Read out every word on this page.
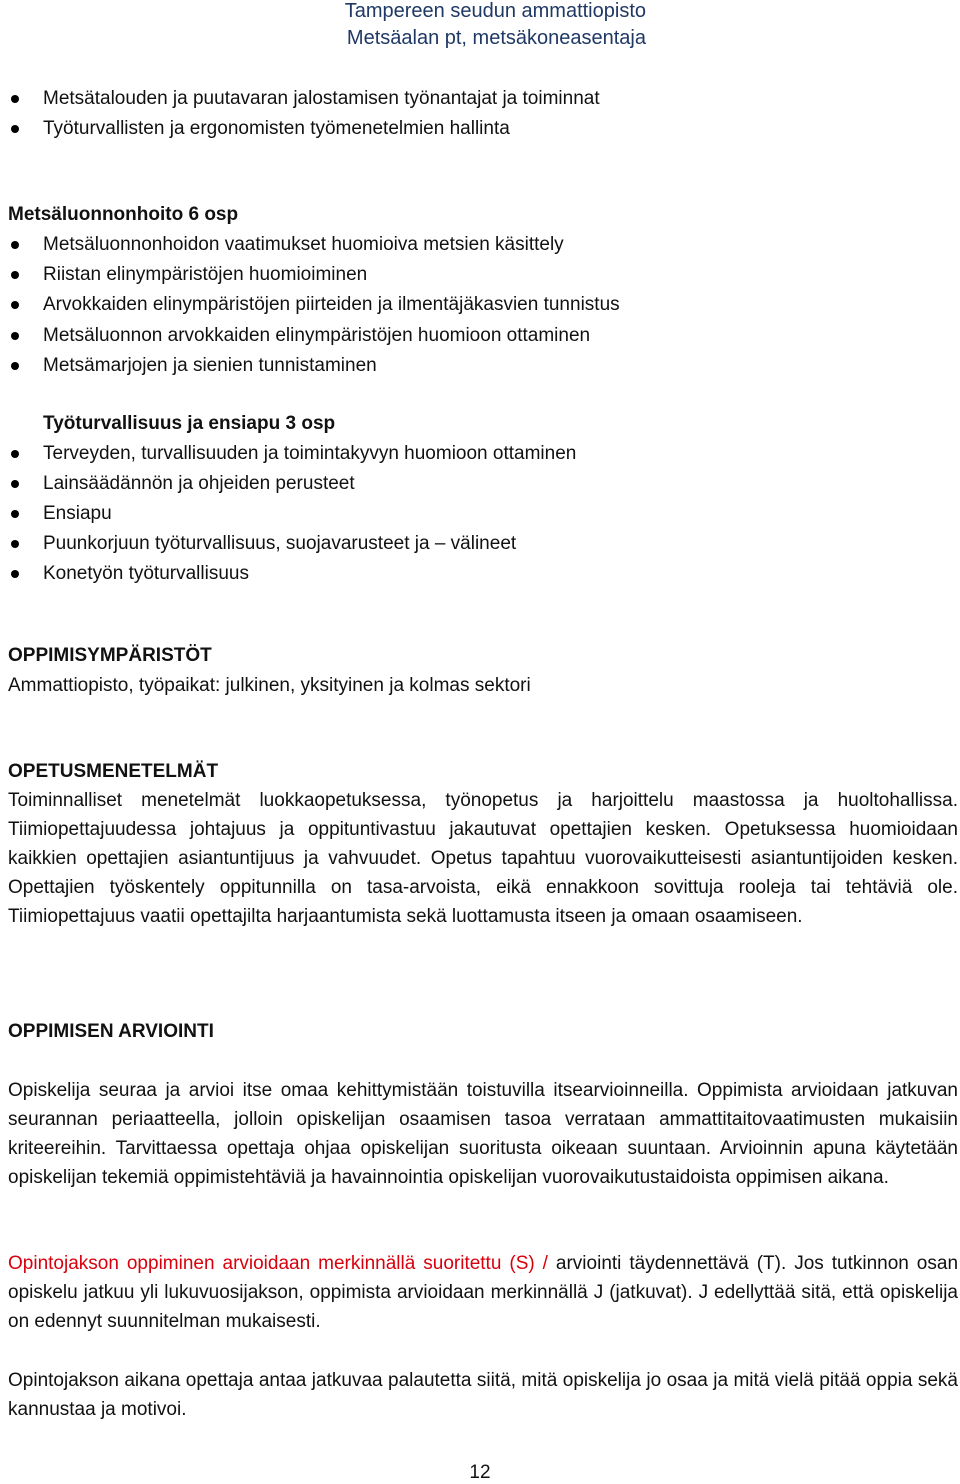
Tampereen seudun ammattiopisto
Metsäalan pt, metsäkoneasentaja
Metsätalouden ja puutavaran jalostamisen työnantajat ja toiminnat
Työturvallisten ja ergonomisten työmenetelmien hallinta
Metsäluonnonhoito 6 osp
Metsäluonnonhoidon vaatimukset huomioiva metsien käsittely
Riistan elinympäristöjen huomioiminen
Arvokkaiden elinympäristöjen piirteiden ja ilmentäjäkasvien tunnistus
Metsäluonnon arvokkaiden elinympäristöjen huomioon ottaminen
Metsämarjojen ja sienien tunnistaminen
Työturvallisuus ja ensiapu 3 osp
Terveyden, turvallisuuden ja toimintakyvyn huomioon ottaminen
Lainsäädännön ja ohjeiden perusteet
Ensiapu
Puunkorjuun työturvallisuus, suojavarusteet ja – välineet
Konetyön työturvallisuus
OPPIMISYMPÄRISTÖT
Ammattiopisto, työpaikat: julkinen, yksityinen ja kolmas sektori
OPETUSMENETELMÄT
Toiminnalliset menetelmät luokkaopetuksessa, työnopetus ja harjoittelu maastossa ja huoltohallissa. Tiimiopettajuudessa johtajuus ja oppituntivastuu jakautuvat opettajien kesken. Opetuksessa huomioidaan kaikkien opettajien asiantuntijuus ja vahvuudet. Opetus tapahtuu vuorovaikutteisesti asiantuntijoiden kesken. Opettajien työskentely oppitunnilla on tasa-arvoista, eikä ennakkoon sovittuja rooleja tai tehtäviä ole. Tiimiopettajuus vaatii opettajilta harjaantumista sekä luottamusta itseen ja omaan osaamiseen.
OPPIMISEN ARVIOINTI
Opiskelija seuraa ja arvioi itse omaa kehittymistään toistuvilla itsearvioinneilla. Oppimista arvioidaan jatkuvan seurannan periaatteella, jolloin opiskelijan osaamisen tasoa verrataan ammattitaitovaatimusten mukaisiin kriteereihin. Tarvittaessa opettaja ohjaa opiskelijan suoritusta oikeaan suuntaan. Arvioinnin apuna käytetään opiskelijan tekemiä oppimistehtäviä ja havainnointia opiskelijan vuorovaikutustaidoista oppimisen aikana.
Opintojakson oppiminen arvioidaan merkinnällä suoritettu (S) / arviointi täydennettävä (T). Jos tutkinnon osan opiskelu jatkuu yli lukuvuosijakson, oppimista arvioidaan merkinnällä J (jatkuvat). J edellyttää sitä, että opiskelija on edennyt suunnitelman mukaisesti.
Opintojakson aikana opettaja antaa jatkuvaa palautetta siitä, mitä opiskelija jo osaa ja mitä vielä pitää oppia sekä kannustaa ja motivoi.
12
